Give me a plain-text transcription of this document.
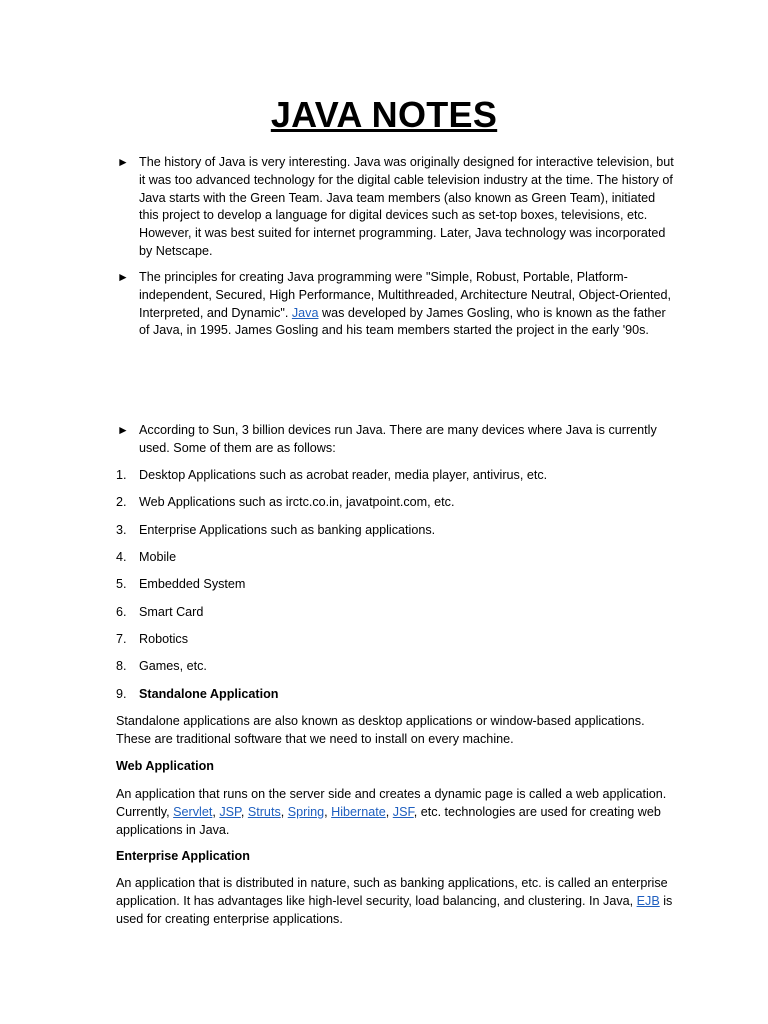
JAVA NOTES
► The history of Java is very interesting. Java was originally designed for interactive television, but it was too advanced technology for the digital cable television industry at the time. The history of Java starts with the Green Team. Java team members (also known as Green Team), initiated this project to develop a language for digital devices such as set-top boxes, televisions, etc. However, it was best suited for internet programming. Later, Java technology was incorporated by Netscape.
► The principles for creating Java programming were "Simple, Robust, Portable, Platform-independent, Secured, High Performance, Multithreaded, Architecture Neutral, Object-Oriented, Interpreted, and Dynamic". Java was developed by James Gosling, who is known as the father of Java, in 1995. James Gosling and his team members started the project in the early '90s.
► According to Sun, 3 billion devices run Java. There are many devices where Java is currently used. Some of them are as follows:
1. Desktop Applications such as acrobat reader, media player, antivirus, etc.
2. Web Applications such as irctc.co.in, javatpoint.com, etc.
3. Enterprise Applications such as banking applications.
4. Mobile
5. Embedded System
6. Smart Card
7. Robotics
8. Games, etc.
9. Standalone Application
Standalone applications are also known as desktop applications or window-based applications. These are traditional software that we need to install on every machine.
Web Application
An application that runs on the server side and creates a dynamic page is called a web application. Currently, Servlet, JSP, Struts, Spring, Hibernate, JSF, etc. technologies are used for creating web applications in Java.
Enterprise Application
An application that is distributed in nature, such as banking applications, etc. is called an enterprise application. It has advantages like high-level security, load balancing, and clustering. In Java, EJB is used for creating enterprise applications.
